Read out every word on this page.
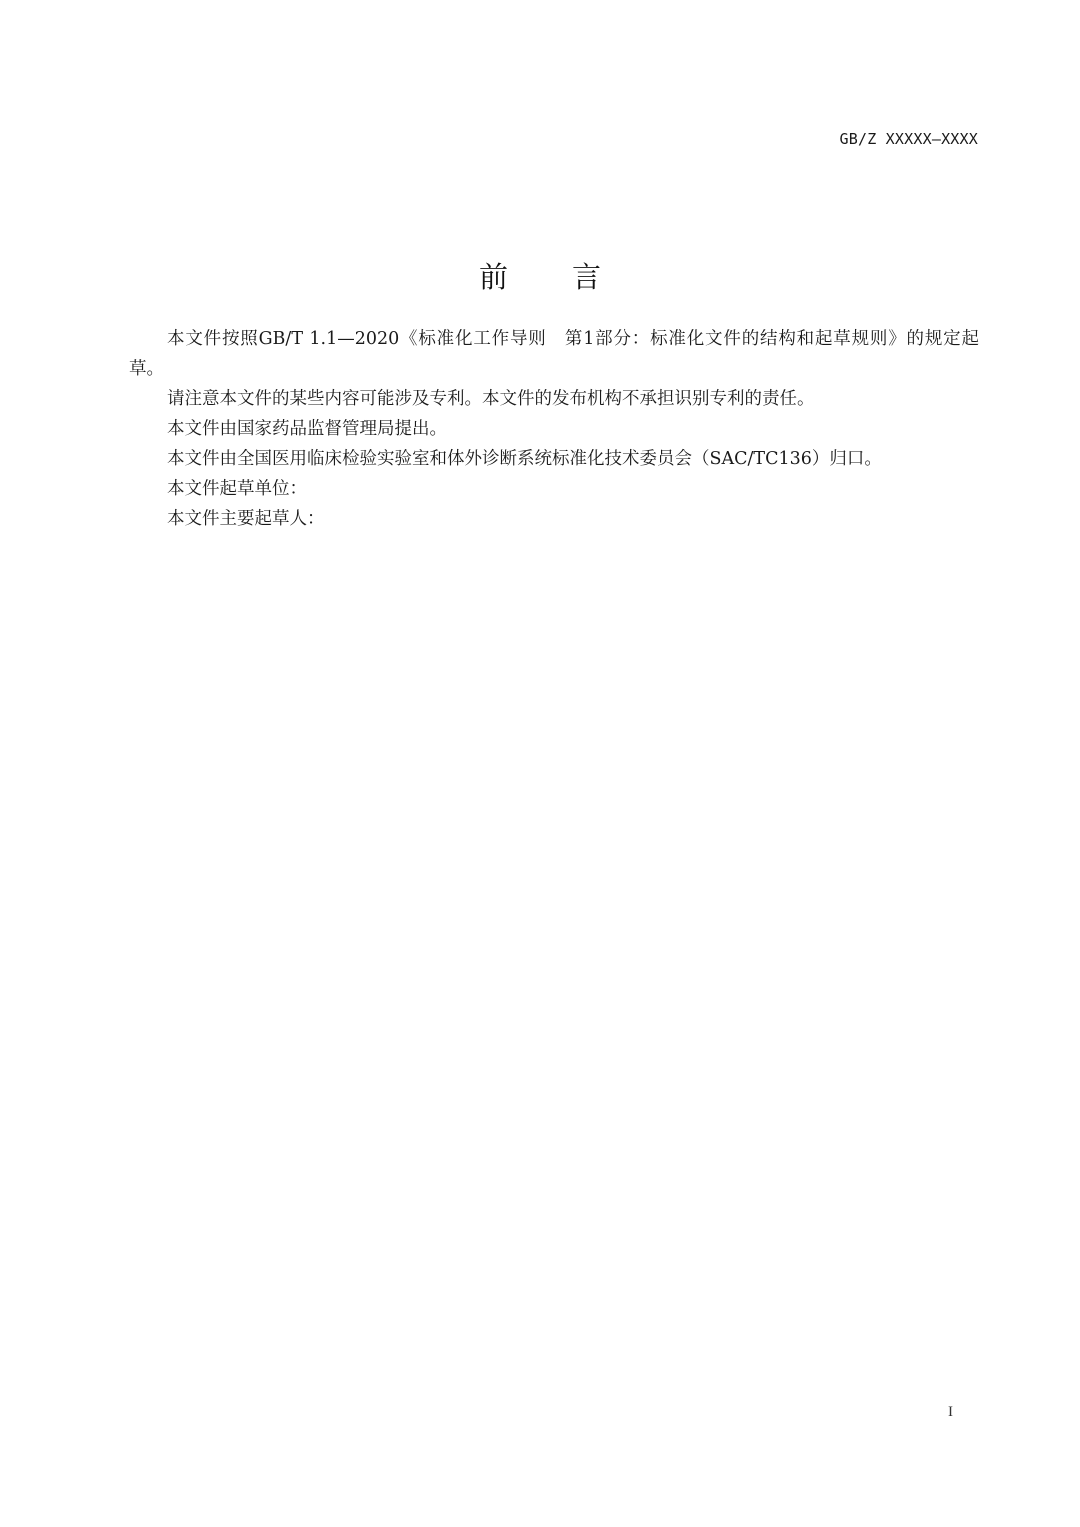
GB/Z XXXXX—XXXX
前言

本文件按照GB/T 1.1—2020《标准化工作导则　第1部分：标准化文件的结构和起草规则》的规定起草。

请注意本文件的某些内容可能涉及专利。本文件的发布机构不承担识别专利的责任。

本文件由国家药品监督管理局提出。

本文件由全国医用临床检验实验室和体外诊断系统标准化技术委员会（SAC/TC136）归口。

本文件起草单位：

本文件主要起草人：

I
